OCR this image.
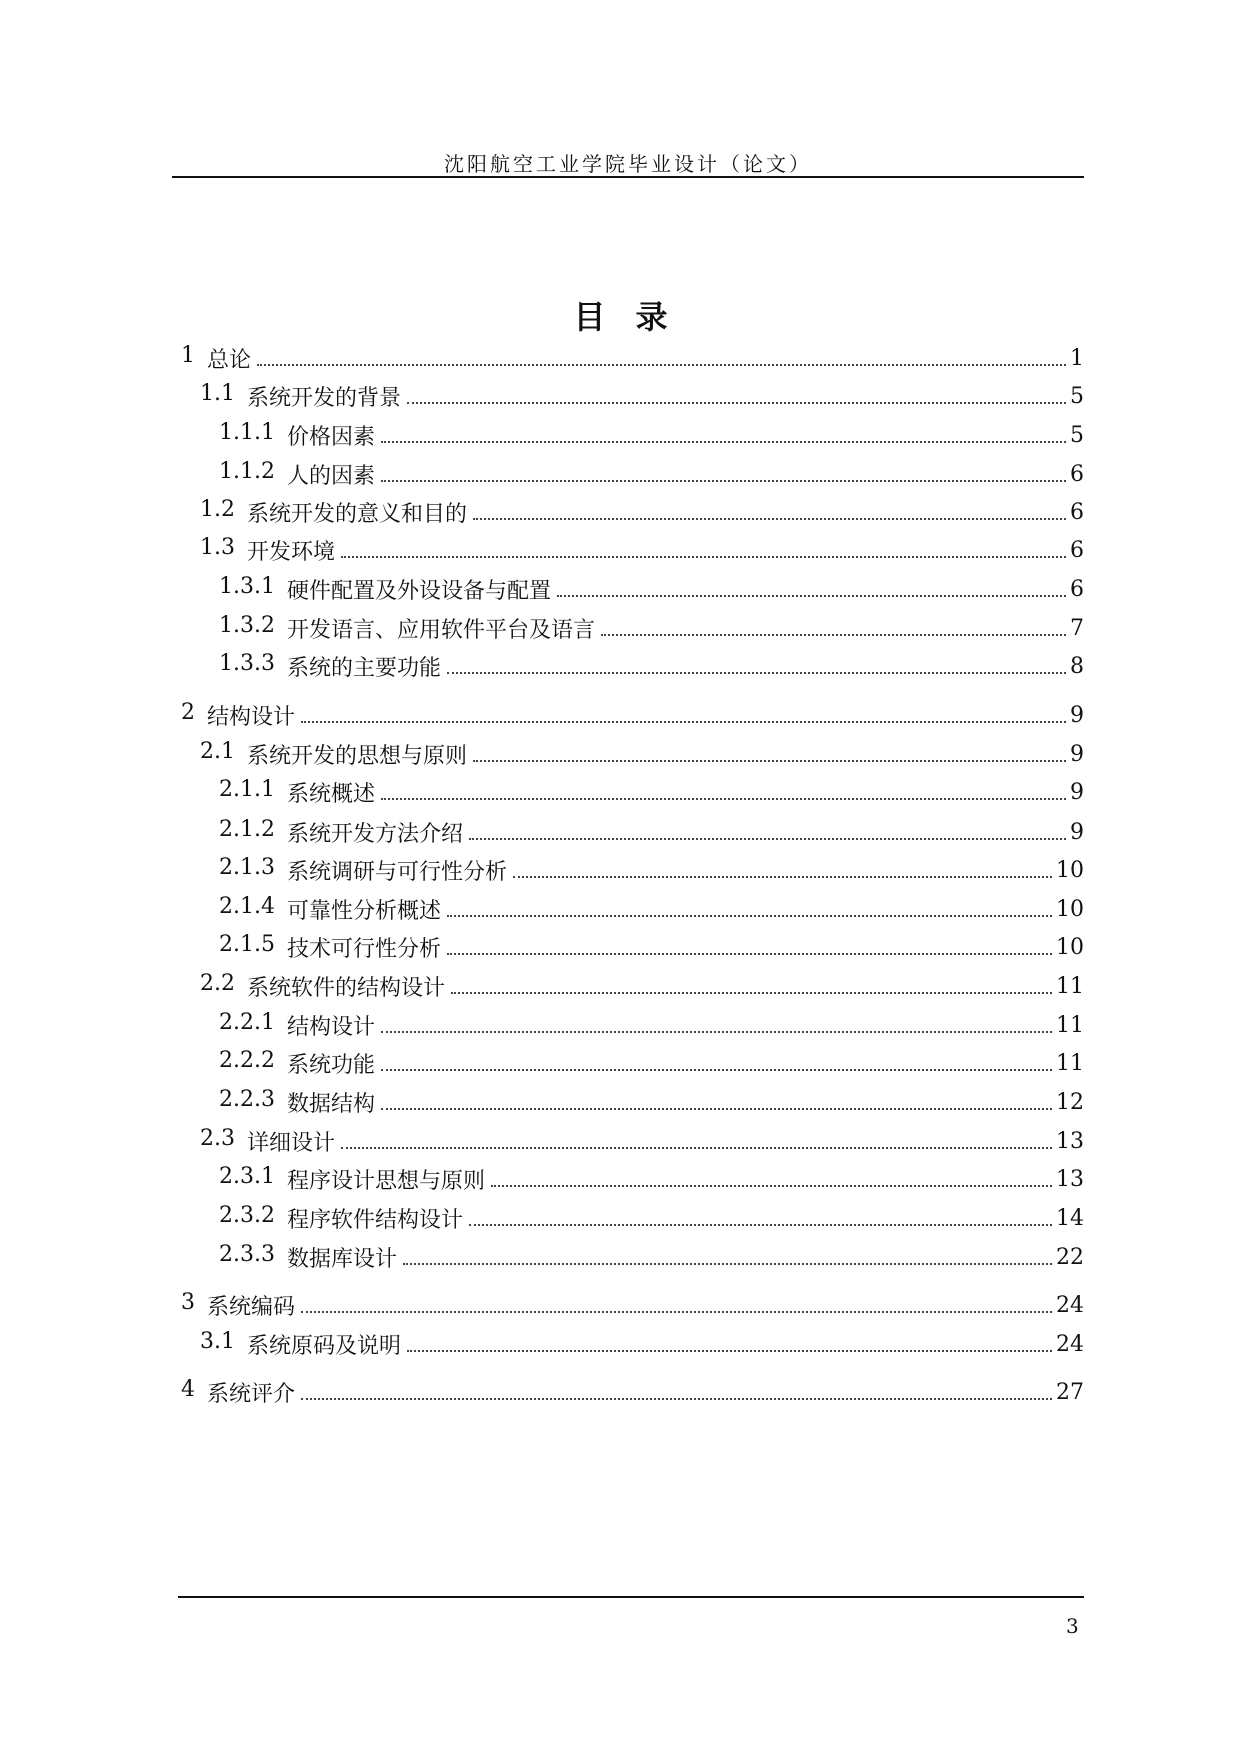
沈阳航空工业学院毕业设计（论文）
目录
1 总论	1
1.1 系统开发的背景	5
1.1.1 价格因素	5
1.1.2 人的因素	6
1.2 系统开发的意义和目的	6
1.3 开发环境	6
1.3.1 硬件配置及外设设备与配置	6
1.3.2 开发语言、应用软件平台及语言	7
1.3.3 系统的主要功能	8
2 结构设计	9
2.1 系统开发的思想与原则	9
2.1.1 系统概述	9
2.1.2 系统开发方法介绍	9
2.1.3 系统调研与可行性分析	10
2.1.4 可靠性分析概述	10
2.1.5 技术可行性分析	10
2.2 系统软件的结构设计	11
2.2.1 结构设计	11
2.2.2 系统功能	11
2.2.3 数据结构	12
2.3 详细设计	13
2.3.1 程序设计思想与原则	13
2.3.2 程序软件结构设计	14
2.3.3 数据库设计	22
3 系统编码	24
3.1 系统原码及说明	24
4 系统评介	27
3
